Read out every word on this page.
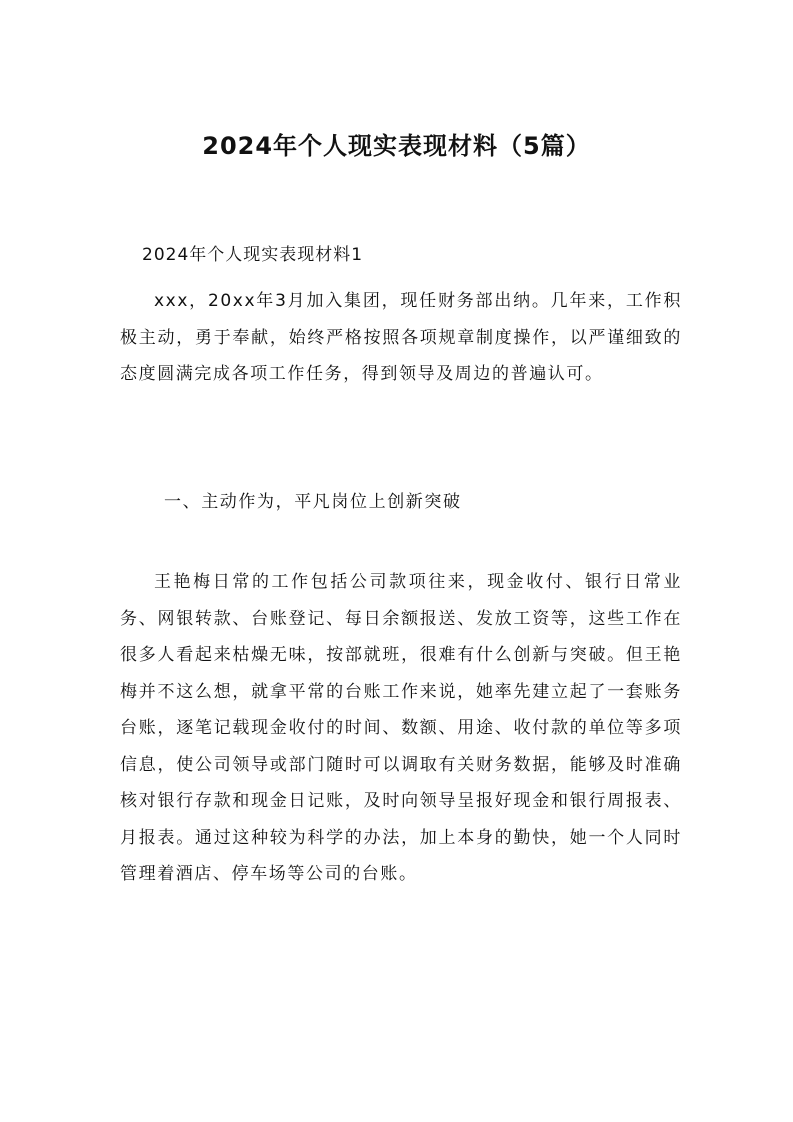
2024年个人现实表现材料（5篇）

2024年个人现实表现材料1

xxx，20xx年3月加入集团，现任财务部出纳。几年来，工作积极主动，勇于奉献，始终严格按照各项规章制度操作，以严谨细致的态度圆满完成各项工作任务，得到领导及周边的普遍认可。

一、主动作为，平凡岗位上创新突破

王艳梅日常的工作包括公司款项往来，现金收付、银行日常业务、网银转款、台账登记、每日余额报送、发放工资等，这些工作在很多人看起来枯燥无味，按部就班，很难有什么创新与突破。但王艳梅并不这么想，就拿平常的台账工作来说，她率先建立起了一套账务台账，逐笔记载现金收付的时间、数额、用途、收付款的单位等多项信息，使公司领导或部门随时可以调取有关财务数据，能够及时准确核对银行存款和现金日记账，及时向领导呈报好现金和银行周报表、月报表。通过这种较为科学的办法，加上本身的勤快，她一个人同时管理着酒店、停车场等公司的台账。
